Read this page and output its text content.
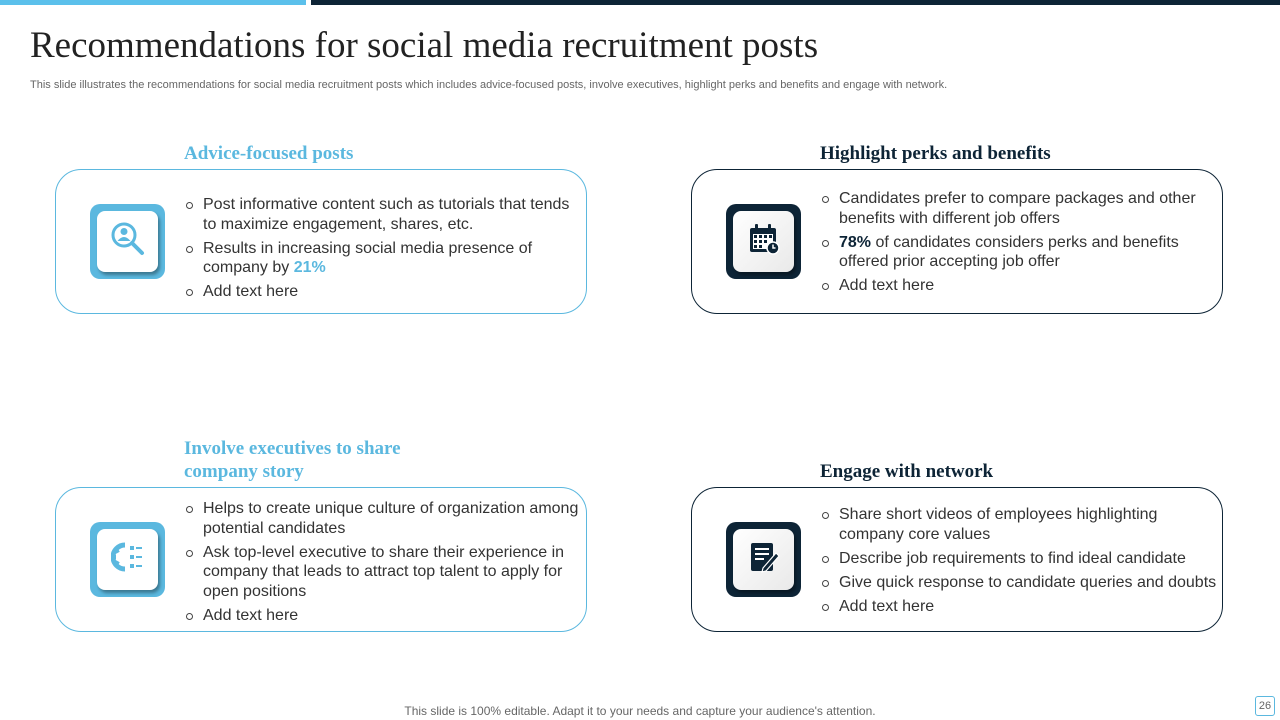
Recommendations for social media recruitment posts
This slide illustrates the recommendations for social media recruitment posts which includes advice-focused posts, involve executives, highlight perks and benefits and engage with network.
Advice-focused posts
Post informative content such as tutorials that tends to maximize engagement, shares, etc.
Results in increasing social media presence of company by 21%
Add text here
Highlight perks and benefits
Candidates prefer to compare packages and other benefits with different job offers
78% of candidates considers perks and benefits offered prior accepting job offer
Add text here
Involve executives to share
company story
Helps to create unique culture of organization among potential candidates
Ask top-level executive to share their experience in company that leads to attract top talent to apply for open positions
Add text here
Engage with network
Share short videos of employees highlighting company core values
Describe job requirements to find ideal candidate
Give quick response to candidate queries and doubts
Add text here
This slide is 100% editable. Adapt it to your needs and capture your audience's attention.	26
